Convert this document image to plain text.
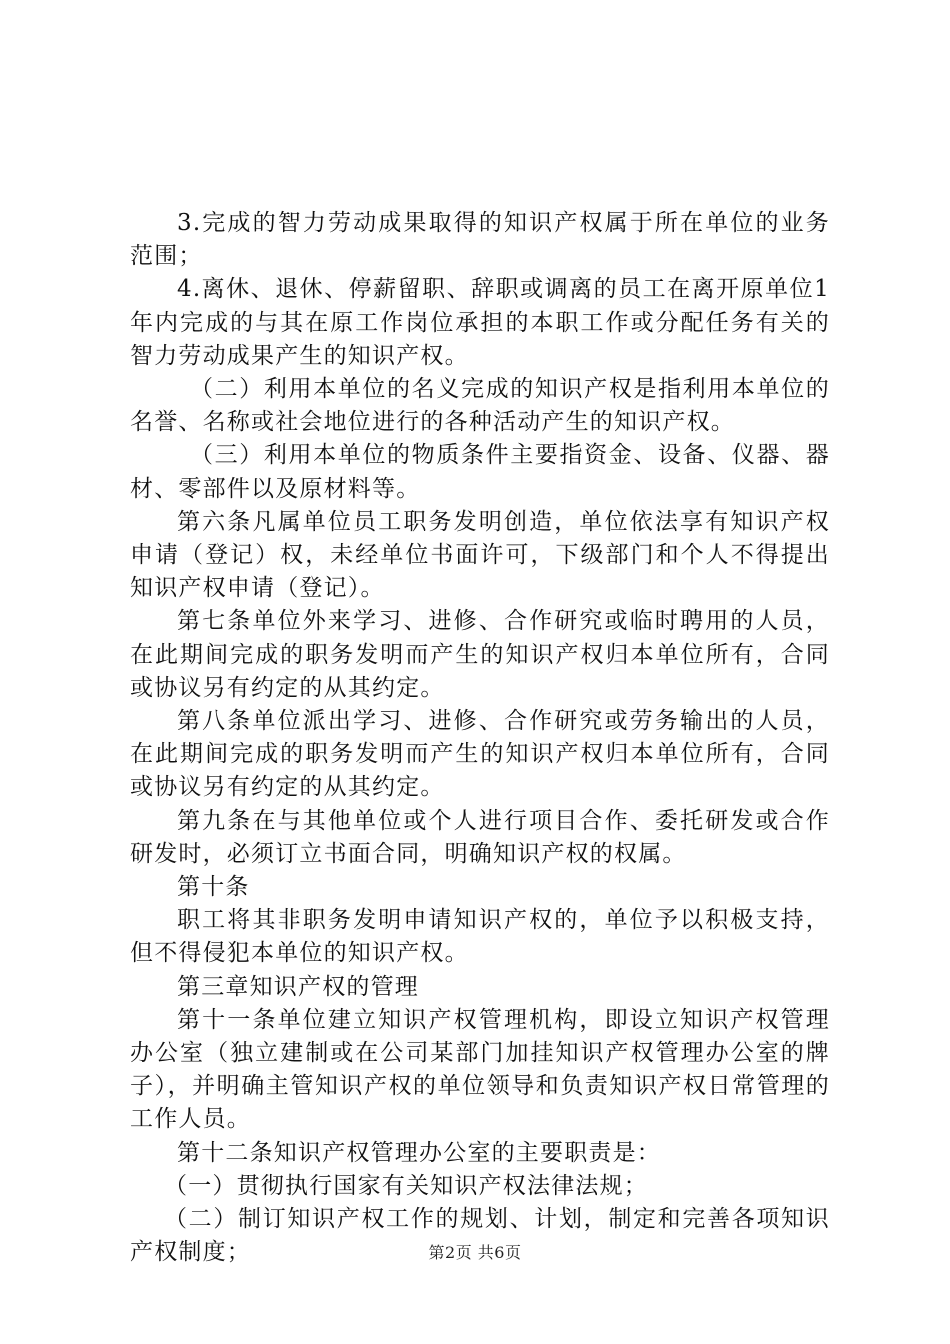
3.完成的智力劳动成果取得的知识产权属于所在单位的业务范围；

4.离休、退休、停薪留职、辞职或调离的员工在离开原单位1年内完成的与其在原工作岗位承担的本职工作或分配任务有关的智力劳动成果产生的知识产权。

（二）利用本单位的名义完成的知识产权是指利用本单位的名誉、名称或社会地位进行的各种活动产生的知识产权。

（三）利用本单位的物质条件主要指资金、设备、仪器、器材、零部件以及原材料等。

第六条凡属单位员工职务发明创造，单位依法享有知识产权申请（登记）权，未经单位书面许可，下级部门和个人不得提出知识产权申请（登记）。

第七条单位外来学习、进修、合作研究或临时聘用的人员，在此期间完成的职务发明而产生的知识产权归本单位所有，合同或协议另有约定的从其约定。

第八条单位派出学习、进修、合作研究或劳务输出的人员，在此期间完成的职务发明而产生的知识产权归本单位所有，合同或协议另有约定的从其约定。

第九条在与其他单位或个人进行项目合作、委托研发或合作研发时，必须订立书面合同，明确知识产权的权属。

第十条

职工将其非职务发明申请知识产权的，单位予以积极支持，但不得侵犯本单位的知识产权。

第三章知识产权的管理

第十一条单位建立知识产权管理机构，即设立知识产权管理办公室（独立建制或在公司某部门加挂知识产权管理办公室的牌子），并明确主管知识产权的单位领导和负责知识产权日常管理的工作人员。

第十二条知识产权管理办公室的主要职责是：

（一）贯彻执行国家有关知识产权法律法规；

（二）制订知识产权工作的规划、计划，制定和完善各项知识产权制度；	第2页 共6页
